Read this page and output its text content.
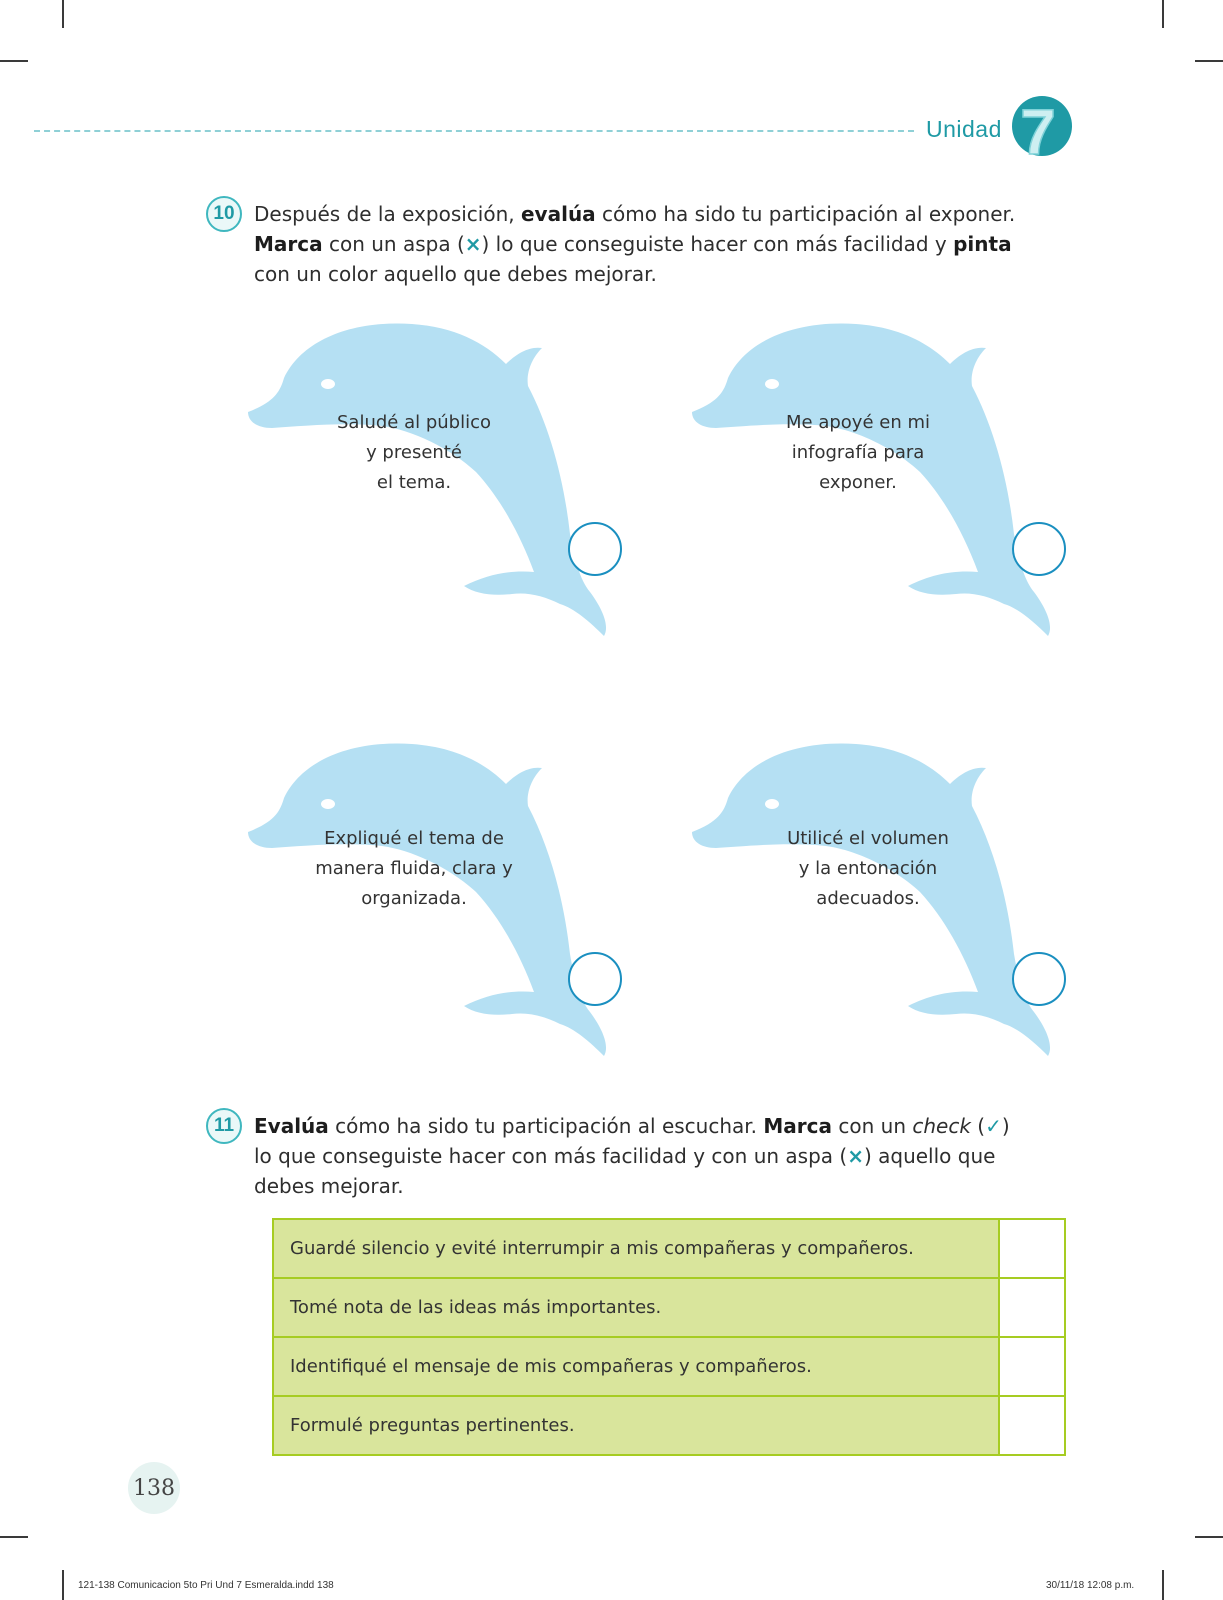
Unidad 7
10 Después de la exposición, evalúa cómo ha sido tu participación al exponer.
Marca con un aspa (×) lo que conseguiste hacer con más facilidad y pinta
con un color aquello que debes mejorar.
Saludé al público
y presenté
el tema.
Me apoyé en mi
infografía para
exponer.
Expliqué el tema de
manera fluida, clara y
organizada.
Utilicé el volumen
y la entonación
adecuados.
11 Evalúa cómo ha sido tu participación al escuchar. Marca con un check (✓)
lo que conseguiste hacer con más facilidad y con un aspa (×) aquello que
debes mejorar.
Guardé silencio y evité interrumpir a mis compañeras y compañeros.	
Tomé nota de las ideas más importantes.	
Identifiqué el mensaje de mis compañeras y compañeros.	
Formulé preguntas pertinentes.	
138
121-138 Comunicacion 5to Pri Und 7 Esmeralda.indd 138	30/11/18 12:08 p.m.
